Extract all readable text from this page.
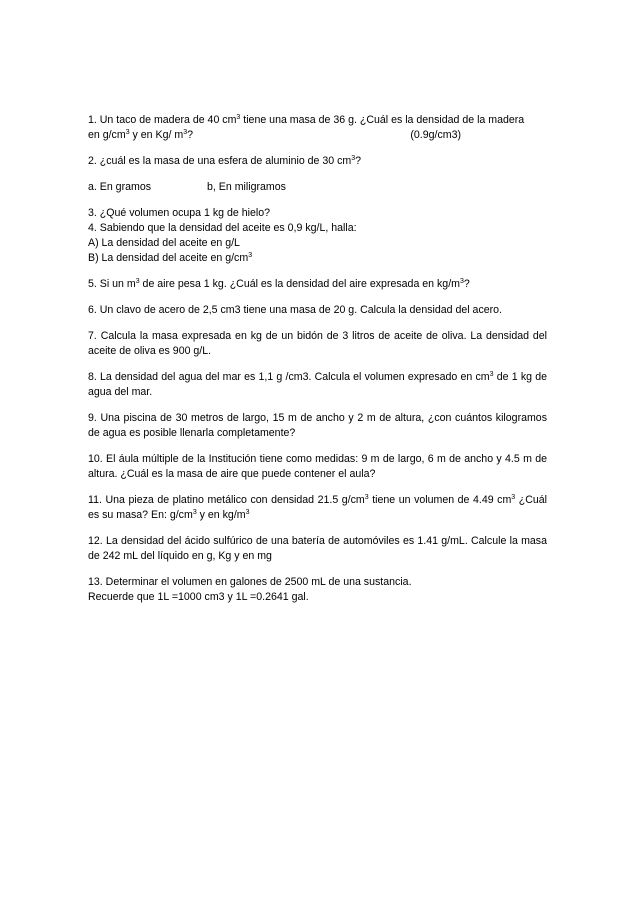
1. Un taco de madera de 40 $cm^3$ tiene una masa de 36 g. ¿Cuál es la densidad de la madera
en $g/cm^3$ y en Kg/ $m^3$?	(0.9g/cm3)
2. ¿cuál es la masa de una esfera de aluminio de 30 $cm^3$?
a. En gramos	b, En miligramos
3. ¿Qué volumen ocupa 1 kg de hielo?
4. Sabiendo que la densidad del aceite es 0,9 kg/L, halla:
A) La densidad del aceite en g/L
B) La densidad del aceite en $g/cm^3$
5. Si un $m^3$ de aire pesa 1 kg. ¿Cuál es la densidad del aire expresada en $kg/m^3$?
6. Un clavo de acero de 2,5 cm3 tiene una masa de 20 g. Calcula la densidad del acero.
7. Calcula la masa expresada en kg de un bidón de 3 litros de aceite de oliva. La densidad del aceite de oliva es 900 g/L.
8. La densidad del agua del mar es 1,1 g /cm3. Calcula el volumen expresado en $cm^3$ de 1 kg de agua del mar.
9. Una piscina de 30 metros de largo, 15 m de ancho y 2 m de altura, ¿con cuántos kilogramos de agua es posible llenarla completamente?
10. El áula múltiple de la Institución tiene como medidas: 9 m de largo, 6 m de ancho y 4.5 m de altura. ¿Cuál es la masa de aire que puede contener el aula?
11. Una pieza de platino metálico con densidad 21.5 $g/cm^3$ tiene un volumen de 4.49 $cm^3$ ¿Cuál es su masa? En: $g/cm^3$ y en $kg/m^3$
12. La densidad del ácido sulfúrico de una batería de automóviles es 1.41 g/mL. Calcule la masa de 242 mL del líquido en g, Kg y en mg
13. Determinar el volumen en galones de 2500 mL de una sustancia.
Recuerde que 1L =1000 cm3 y 1L =0.2641 gal.
